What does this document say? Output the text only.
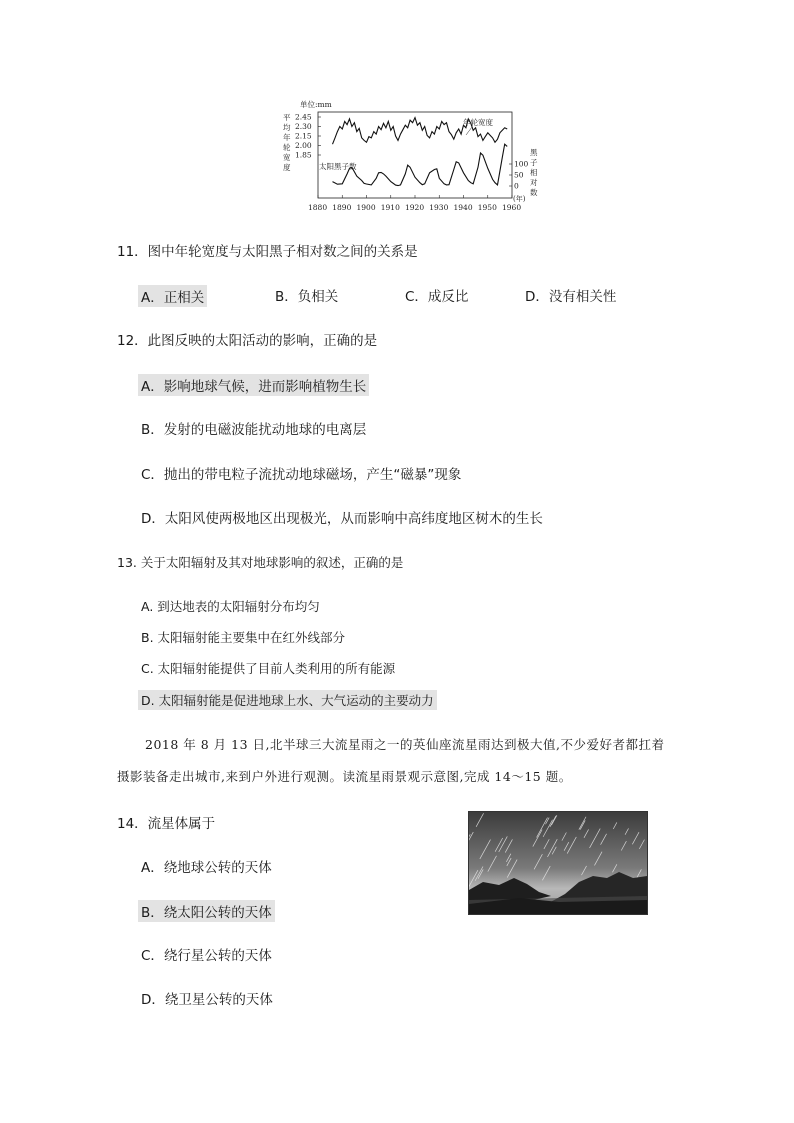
单位:mm
平
均
年
轮
宽
度
黑
子
相
对
数
2.45
2.30
2.15
2.00
1.85
100
50
0
1880 1890 1900 1910 1920 1930 1940 1950 1960
年轮宽度
太阳黑子数
(年)
11．图中年轮宽度与太阳黑子相对数之间的关系是
A．正相关	B．负相关	C．成反比	D．没有相关性
12．此图反映的太阳活动的影响，正确的是
A．影响地球气候，进而影响植物生长
B．发射的电磁波能扰动地球的电离层
C．抛出的带电粒子流扰动地球磁场，产生“磁暴”现象
D．太阳风使两极地区出现极光，从而影响中高纬度地区树木的生长
13. 关于太阳辐射及其对地球影响的叙述，正确的是
A. 到达地表的太阳辐射分布均匀
B. 太阳辐射能主要集中在红外线部分
C. 太阳辐射能提供了目前人类利用的所有能源
D. 太阳辐射能是促进地球上水、大气运动的主要动力
2018 年 8 月 13 日,北半球三大流星雨之一的英仙座流星雨达到极大值,不少爱好者都扛着
摄影装备走出城市,来到户外进行观测。读流星雨景观示意图,完成 14～15 题。
14．流星体属于
A．绕地球公转的天体
B．绕太阳公转的天体
C．绕行星公转的天体
D．绕卫星公转的天体
